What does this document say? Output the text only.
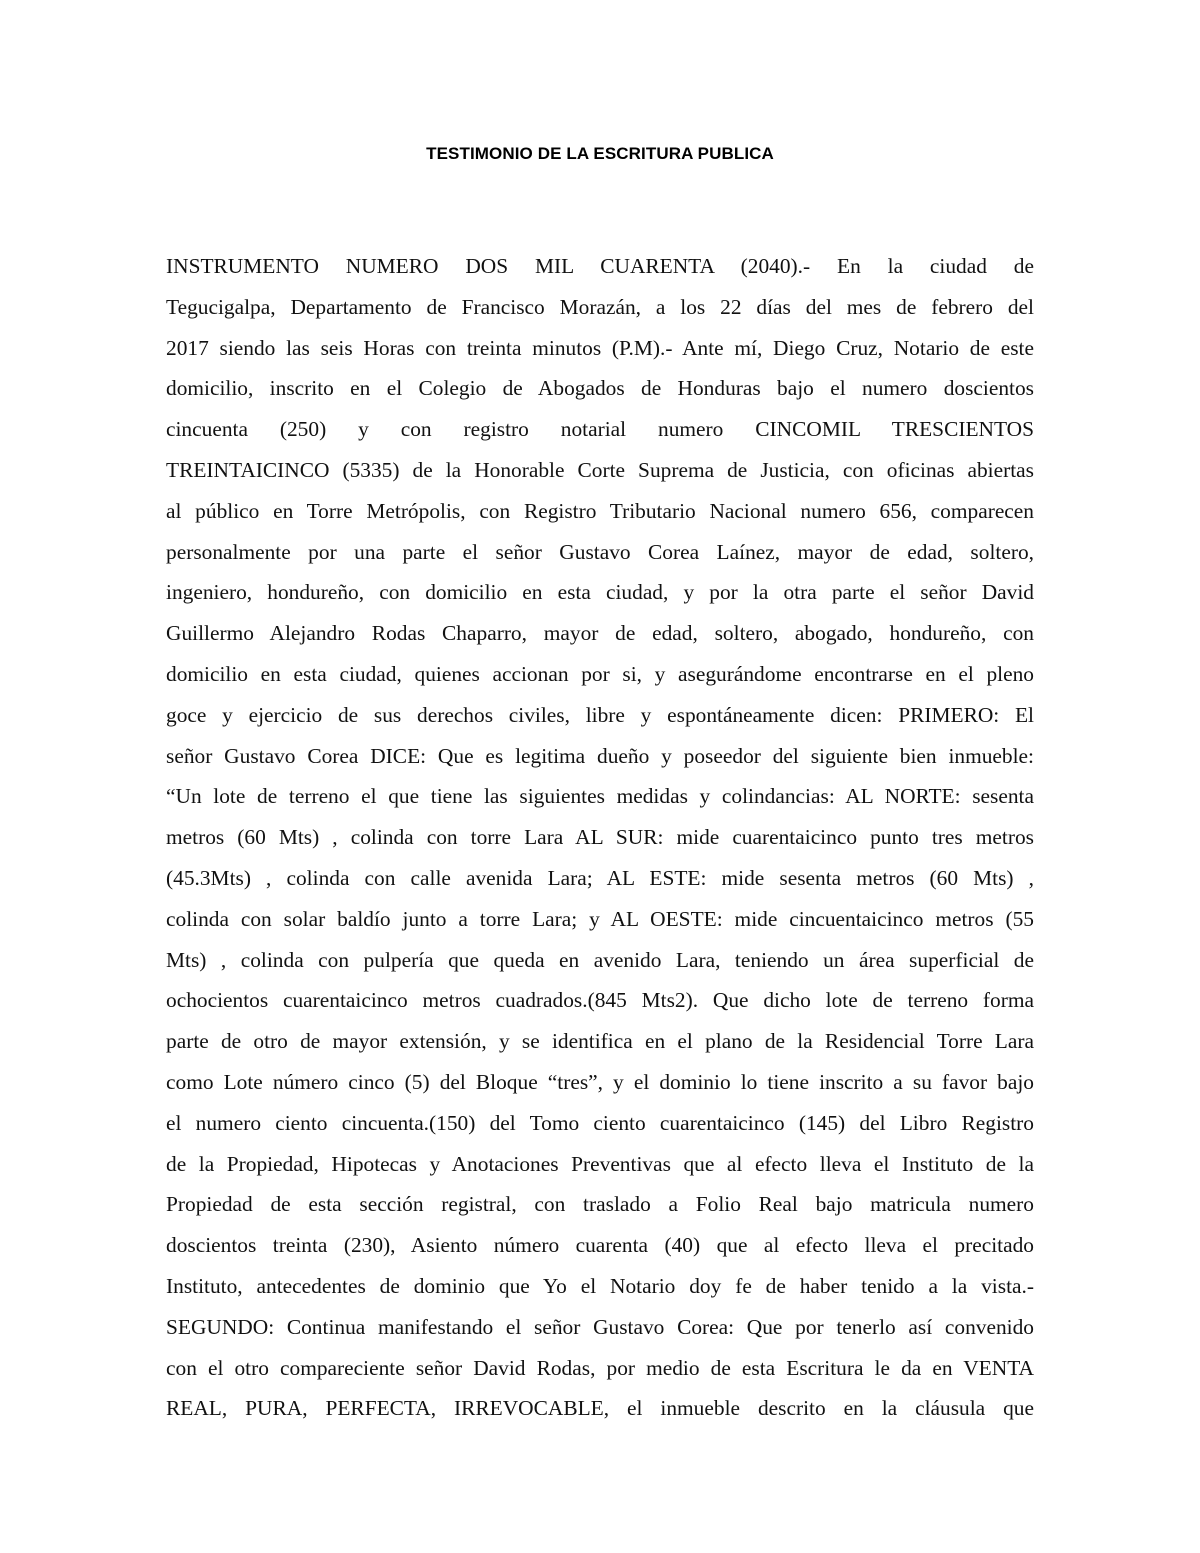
TESTIMONIO DE LA ESCRITURA PUBLICA
INSTRUMENTO NUMERO DOS MIL CUARENTA (2040).- En la ciudad de
Tegucigalpa, Departamento de Francisco Morazán, a los 22 días del mes de febrero del
2017 siendo las seis Horas con treinta minutos (P.M).- Ante mí, Diego Cruz, Notario de este
domicilio, inscrito en el Colegio de Abogados de Honduras bajo el numero doscientos
cincuenta (250) y con registro notarial numero CINCOMIL TRESCIENTOS
TREINTAICINCO (5335) de la Honorable Corte Suprema de Justicia, con oficinas abiertas
al público en Torre Metrópolis, con Registro Tributario Nacional numero 656, comparecen
personalmente por una parte el señor Gustavo Corea Laínez, mayor de edad, soltero,
ingeniero, hondureño, con domicilio en esta ciudad, y por la otra parte el señor David
Guillermo Alejandro Rodas Chaparro, mayor de edad, soltero, abogado, hondureño, con
domicilio en esta ciudad, quienes accionan por si, y asegurándome encontrarse en el pleno
goce y ejercicio de sus derechos civiles, libre y espontáneamente dicen: PRIMERO: El
señor Gustavo Corea DICE: Que es legitima dueño y poseedor del siguiente bien inmueble:
“Un lote de terreno el que tiene las siguientes medidas y colindancias: AL NORTE: sesenta
metros (60 Mts) , colinda con torre Lara AL SUR: mide cuarentaicinco punto tres metros
(45.3Mts) , colinda con calle avenida Lara; AL ESTE: mide sesenta metros (60 Mts) ,
colinda con solar baldío junto a torre Lara; y AL OESTE: mide cincuentaicinco metros (55
Mts) , colinda con pulpería que queda en avenido Lara, teniendo un área superficial de
ochocientos cuarentaicinco metros cuadrados.(845 Mts2). Que dicho lote de terreno forma
parte de otro de mayor extensión, y se identifica en el plano de la Residencial Torre Lara
como Lote número cinco (5) del Bloque “tres”, y el dominio lo tiene inscrito a su favor bajo
el numero ciento cincuenta.(150) del Tomo ciento cuarentaicinco (145) del Libro Registro
de la Propiedad, Hipotecas y Anotaciones Preventivas que al efecto lleva el Instituto de la
Propiedad de esta sección registral, con traslado a Folio Real bajo matricula numero
doscientos treinta (230), Asiento número cuarenta (40) que al efecto lleva el precitado
Instituto, antecedentes de dominio que Yo el Notario doy fe de haber tenido a la vista.-
SEGUNDO: Continua manifestando el señor Gustavo Corea: Que por tenerlo así convenido
con el otro compareciente señor David Rodas, por medio de esta Escritura le da en VENTA
REAL, PURA, PERFECTA, IRREVOCABLE, el inmueble descrito en la cláusula que
